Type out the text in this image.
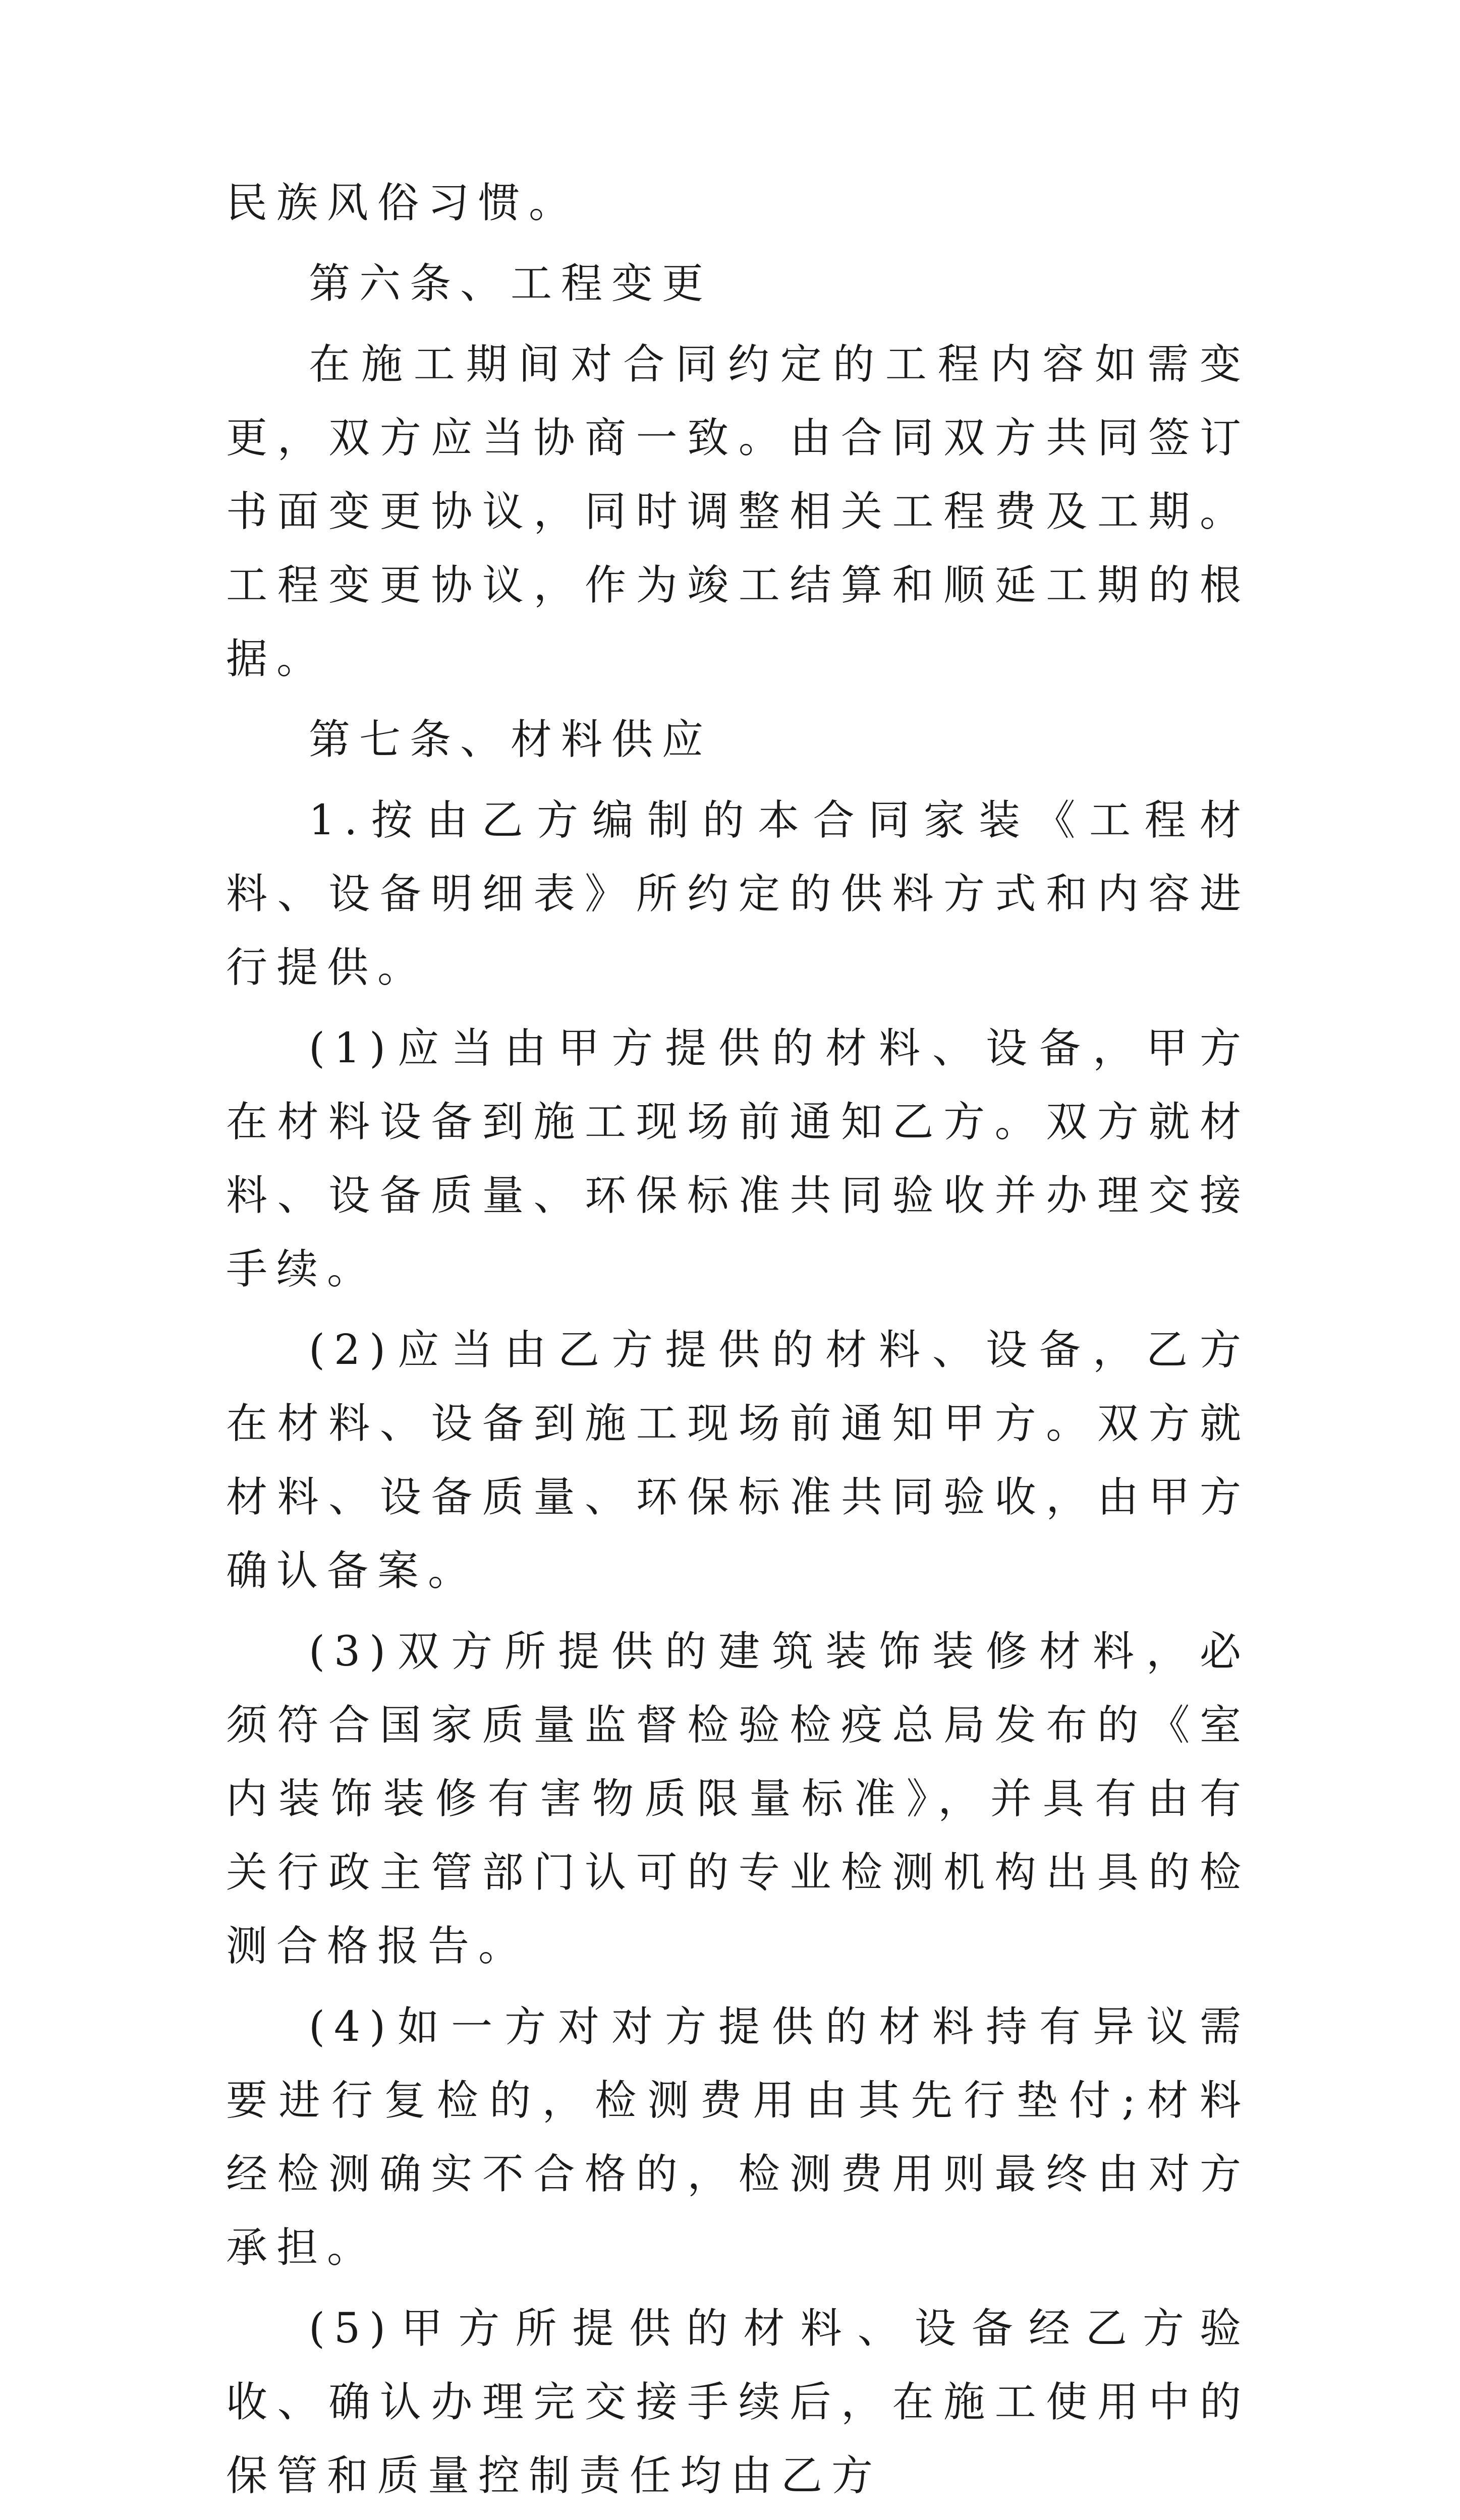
民族风俗习惯。

第六条、工程变更

在施工期间对合同约定的工程内容如需变更，双方应当协商一致。由合同双方共同签订书面变更协议，同时调整相关工程费及工期。工程变更协议，作为竣工结算和顺延工期的根据。

第七条、材料供应

1.按由乙方编制的本合同家装《工程材料、设备明细表》所约定的供料方式和内容进行提供。

(1)应当由甲方提供的材料、设备，甲方在材料设备到施工现场前通知乙方。双方就材料、设备质量、环保标准共同验收并办理交接手续。

(2)应当由乙方提供的材料、设备，乙方在材料、设备到施工现场前通知甲方。双方就材料、设备质量、环保标准共同验收，由甲方确认备案。

(3)双方所提供的建筑装饰装修材料，必须符合国家质量监督检验检疫总局发布的《室内装饰装修有害物质限量标准》，并具有由有关行政主管部门认可的专业检测机构出具的检测合格报告。

(4)如一方对对方提供的材料持有异议需要进行复检的，检测费用由其先行垫付;材料经检测确实不合格的，检测费用则最终由对方承担。

(5)甲方所提供的材料、设备经乙方验收、确认办理完交接手续后，在施工使用中的保管和质量控制责任均由乙方
